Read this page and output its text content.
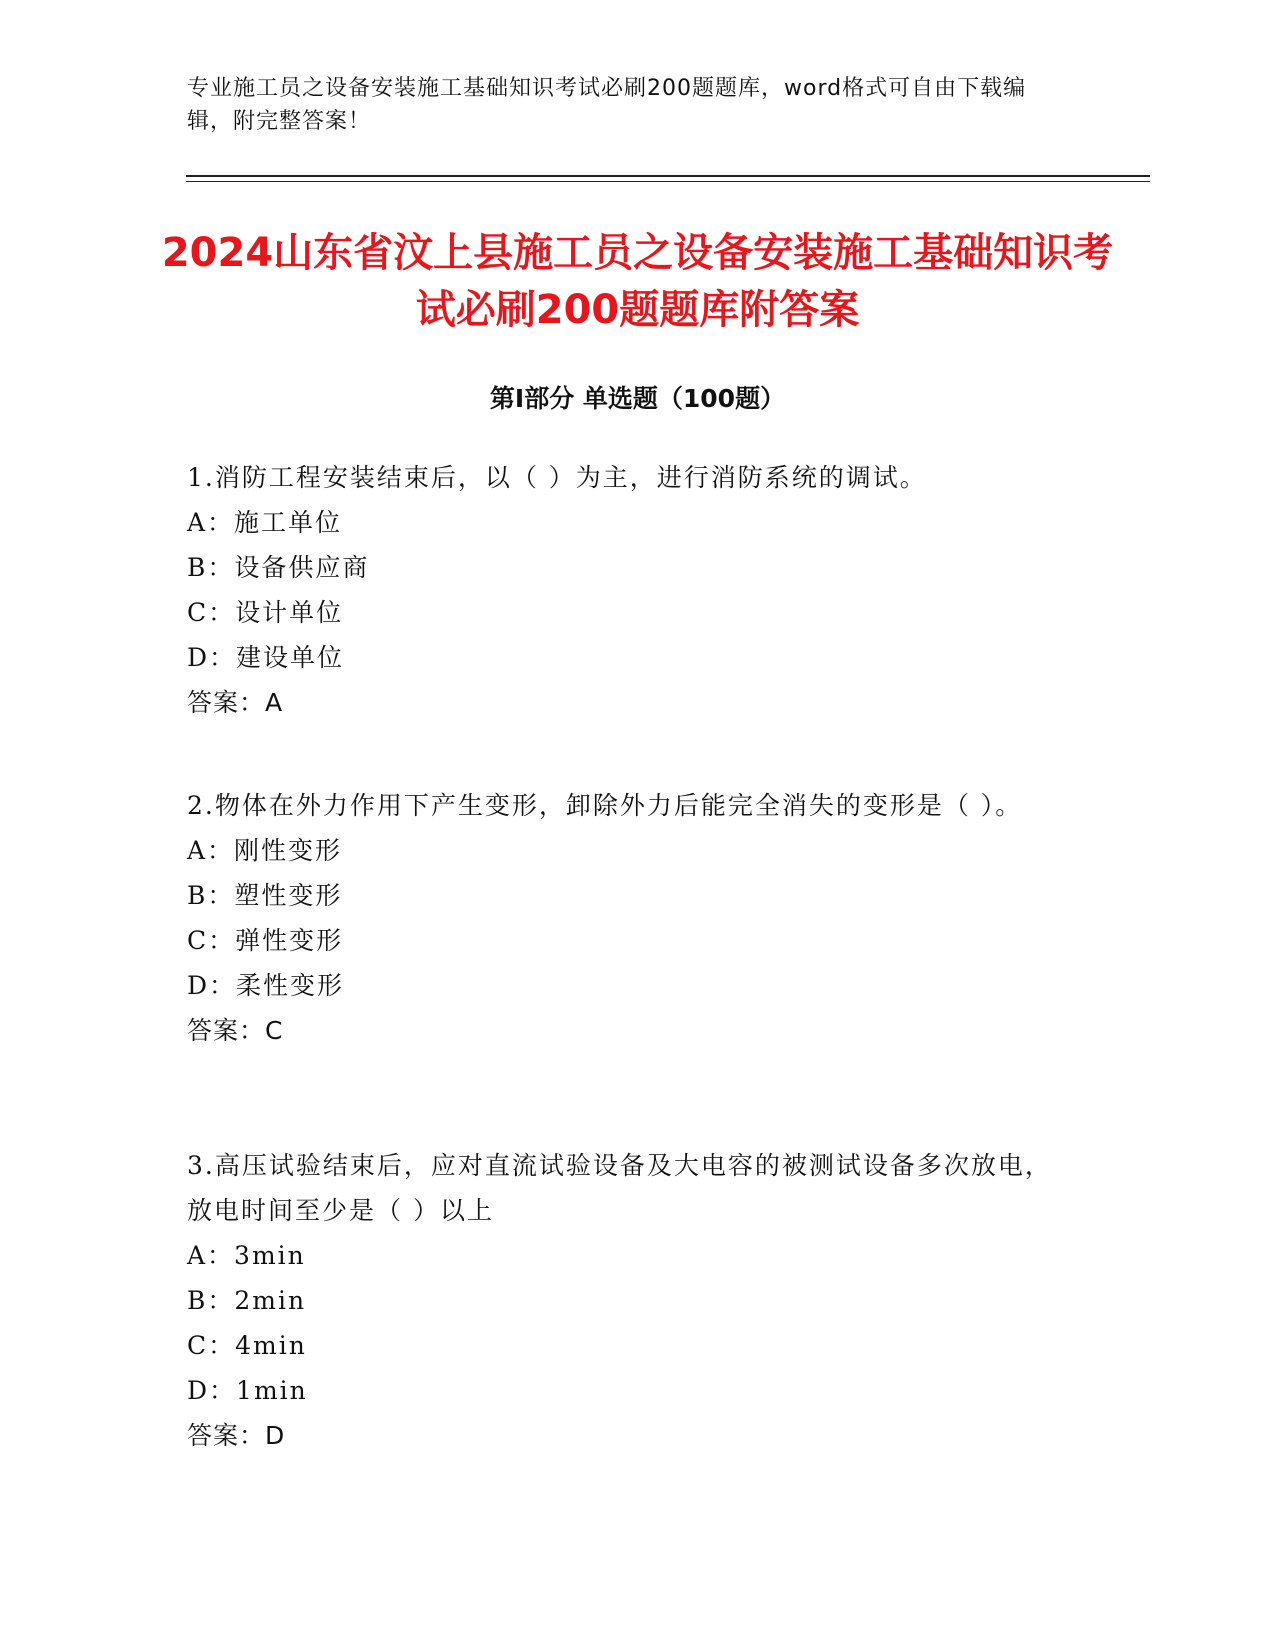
专业施工员之设备安装施工基础知识考试必刷200题题库，word格式可自由下载编辑，附完整答案！
2024山东省汶上县施工员之设备安装施工基础知识考试必刷200题题库附答案
第I部分 单选题（100题）
1.消防工程安装结束后，以（ ）为主，进行消防系统的调试。
A：施工单位
B：设备供应商
C：设计单位
D：建设单位
答案：A
2.物体在外力作用下产生变形，卸除外力后能完全消失的变形是（ ）。
A：刚性变形
B：塑性变形
C：弹性变形
D：柔性变形
答案：C
3.高压试验结束后，应对直流试验设备及大电容的被测试设备多次放电，放电时间至少是（ ）以上
A：3min
B：2min
C：4min
D：1min
答案：D
